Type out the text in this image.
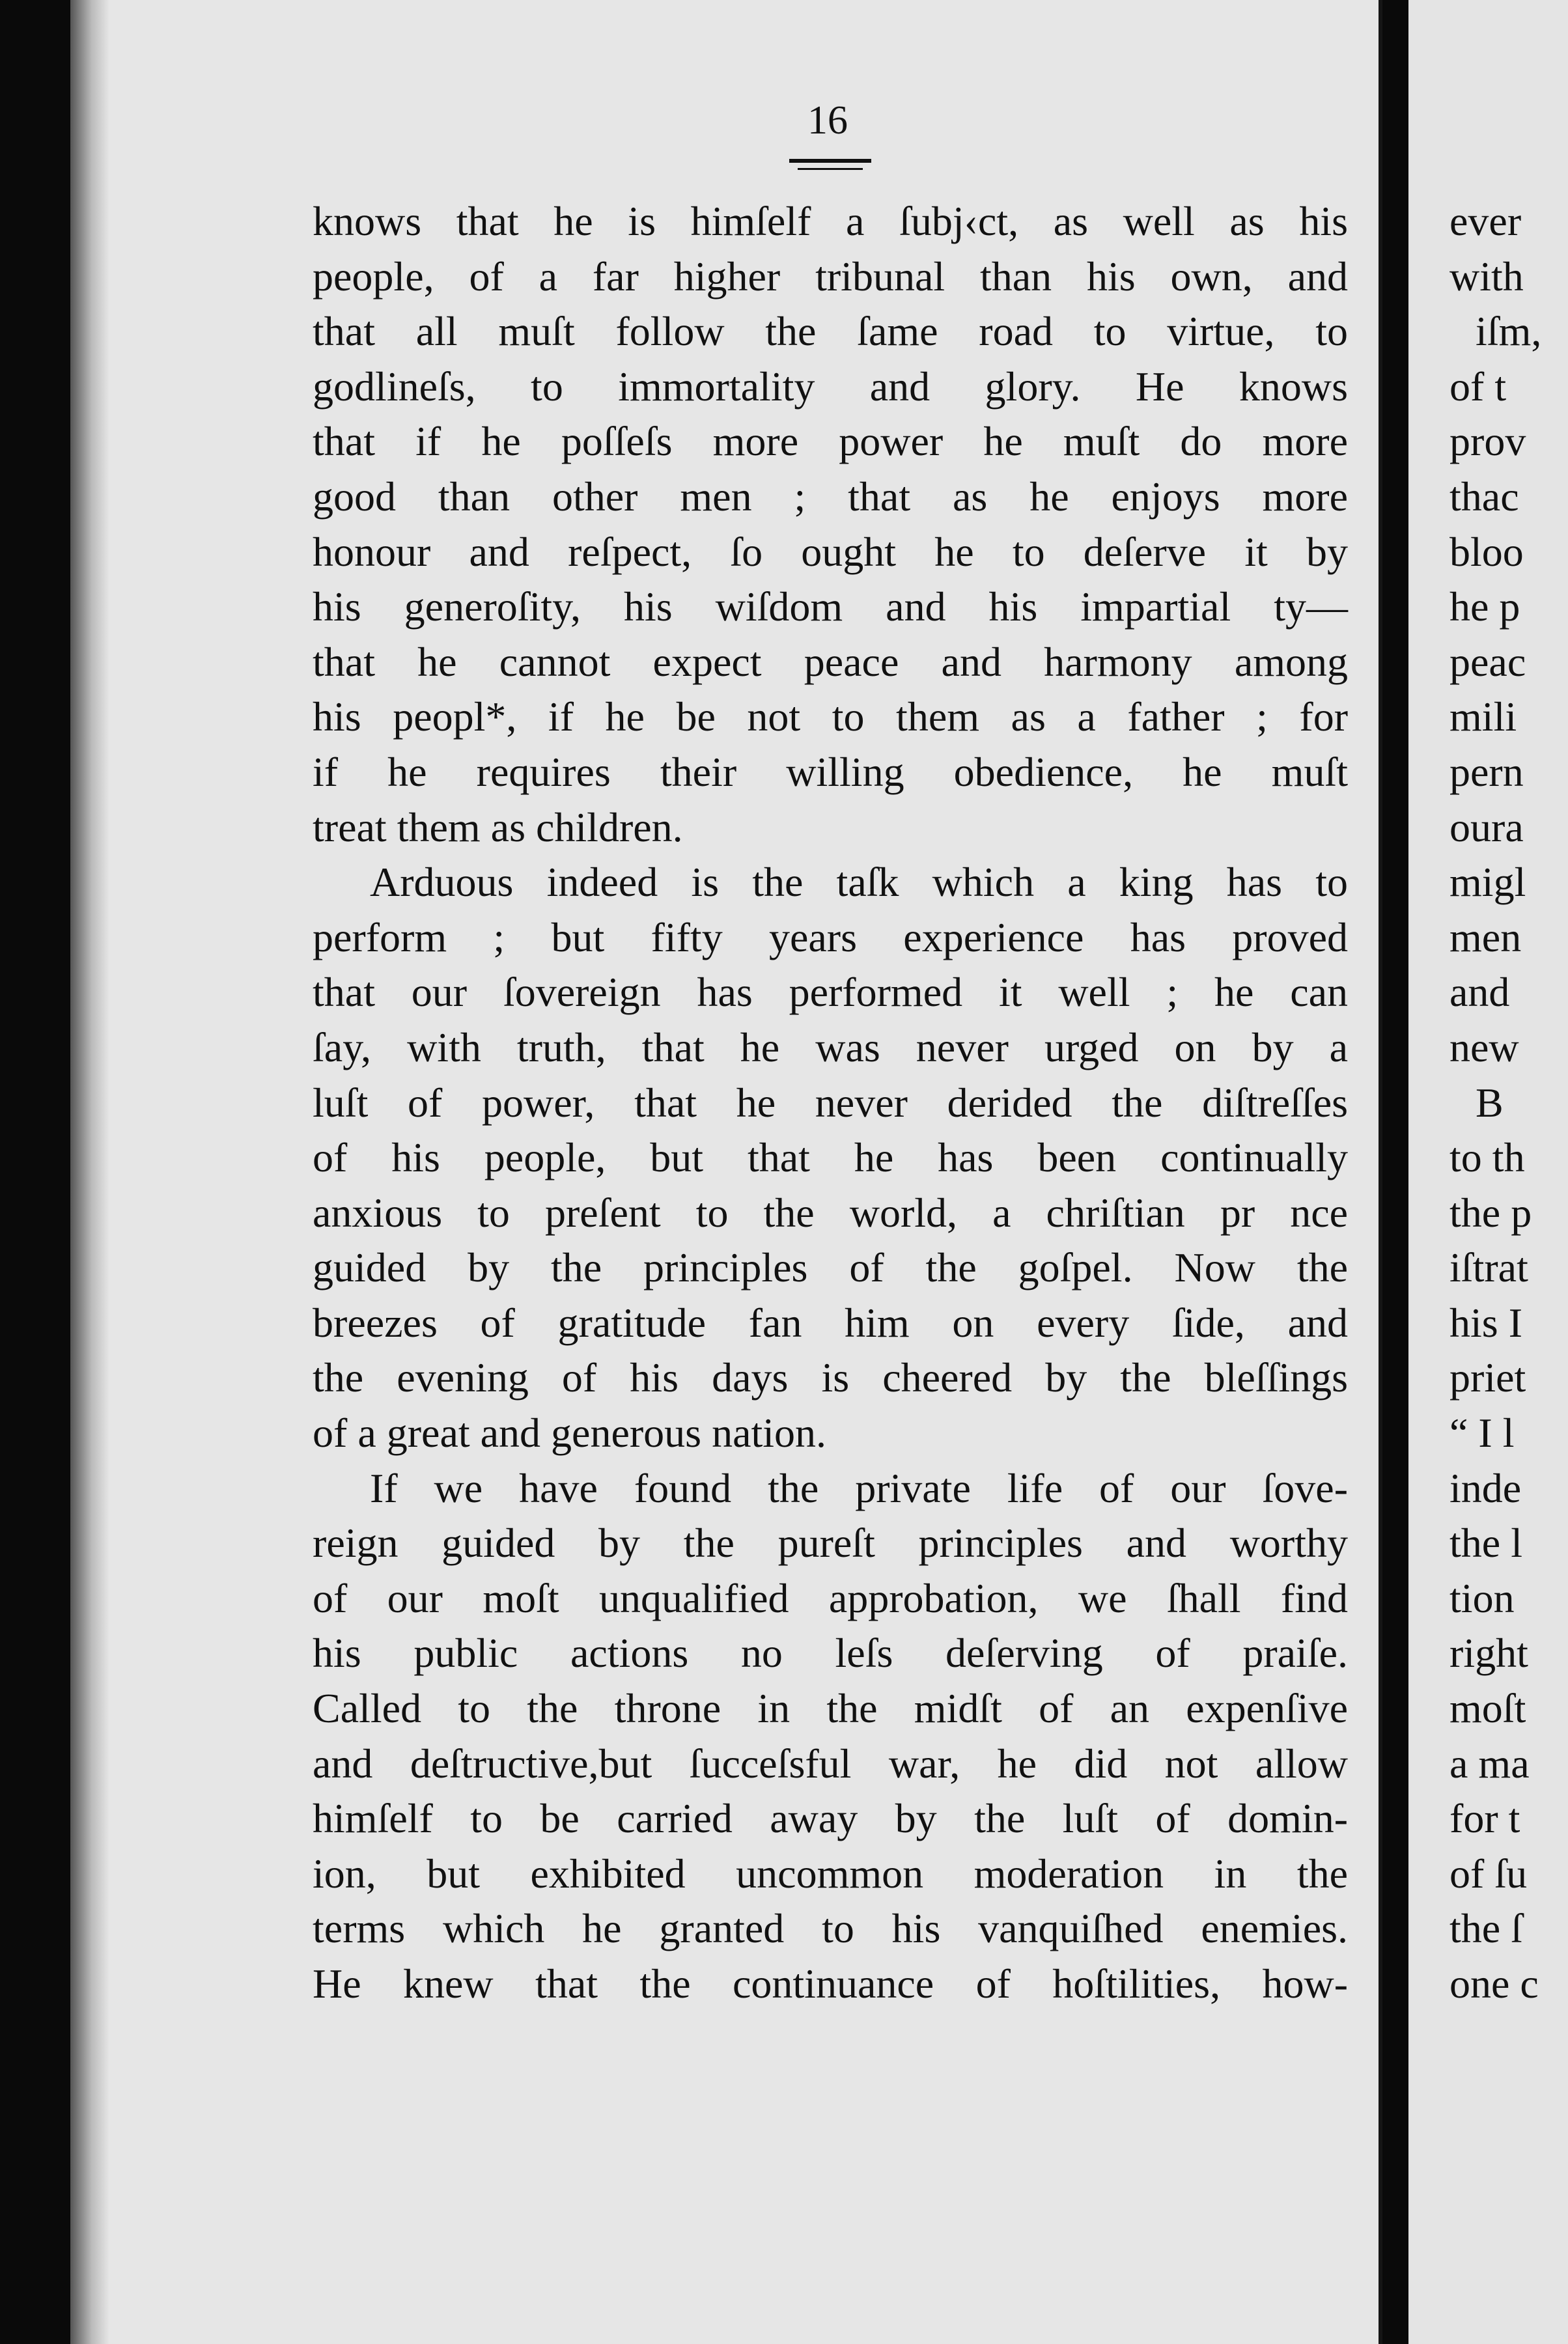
16
knows that he is himſelf a ſubj‹ct, as well as his
people, of a far higher tribunal than his own, and
that all muſt follow the ſame road to virtue, to
godlineſs, to immortality and glory. He knows
that if he poſſeſs more power he muſt do more
good than other men ; that as he enjoys more
honour and reſpect, ſo ought he to deſerve it by
his generoſity, his wiſdom and his impartial ty—
that he cannot expect peace and harmony among
his peopl*, if he be not to them as a father ; for
if he requires their willing obedience, he muſt
treat them as children.
Arduous indeed is the taſk which a king has to
perform ; but fifty years experience has proved
that our ſovereign has performed it well ; he can
ſay, with truth, that he was never urged on by a
luſt of power, that he never derided the diſtreſſes
of his people, but that he has been continually
anxious to preſent to the world, a chriſtian pr nce
guided by the principles of the goſpel. Now the
breezes of gratitude fan him on every ſide, and
the evening of his days is cheered by the bleſſings
of a great and generous nation.
If we have found the private life of our ſove-
reign guided by the pureſt principles and worthy
of our moſt unqualified approbation, we ſhall find
his public actions no leſs deſerving of praiſe.
Called to the throne in the midſt of an expenſive
and deſtructive,but ſucceſsful war, he did not allow
himſelf to be carried away by the luſt of domin-
ion, but exhibited uncommon moderation in the
terms which he granted to his vanquiſhed enemies.
He knew that the continuance of hoſtilities, how-
ever
with
iſm,
of t
prov
thac
bloo
he p
peac
mili
pern
oura
migl
men
and
new
B
to th
the p
iſtrat
his I
priet
“ I l
inde
the l
tion
right
moſt
a ma
for t
of ſu
the ſ
one c
